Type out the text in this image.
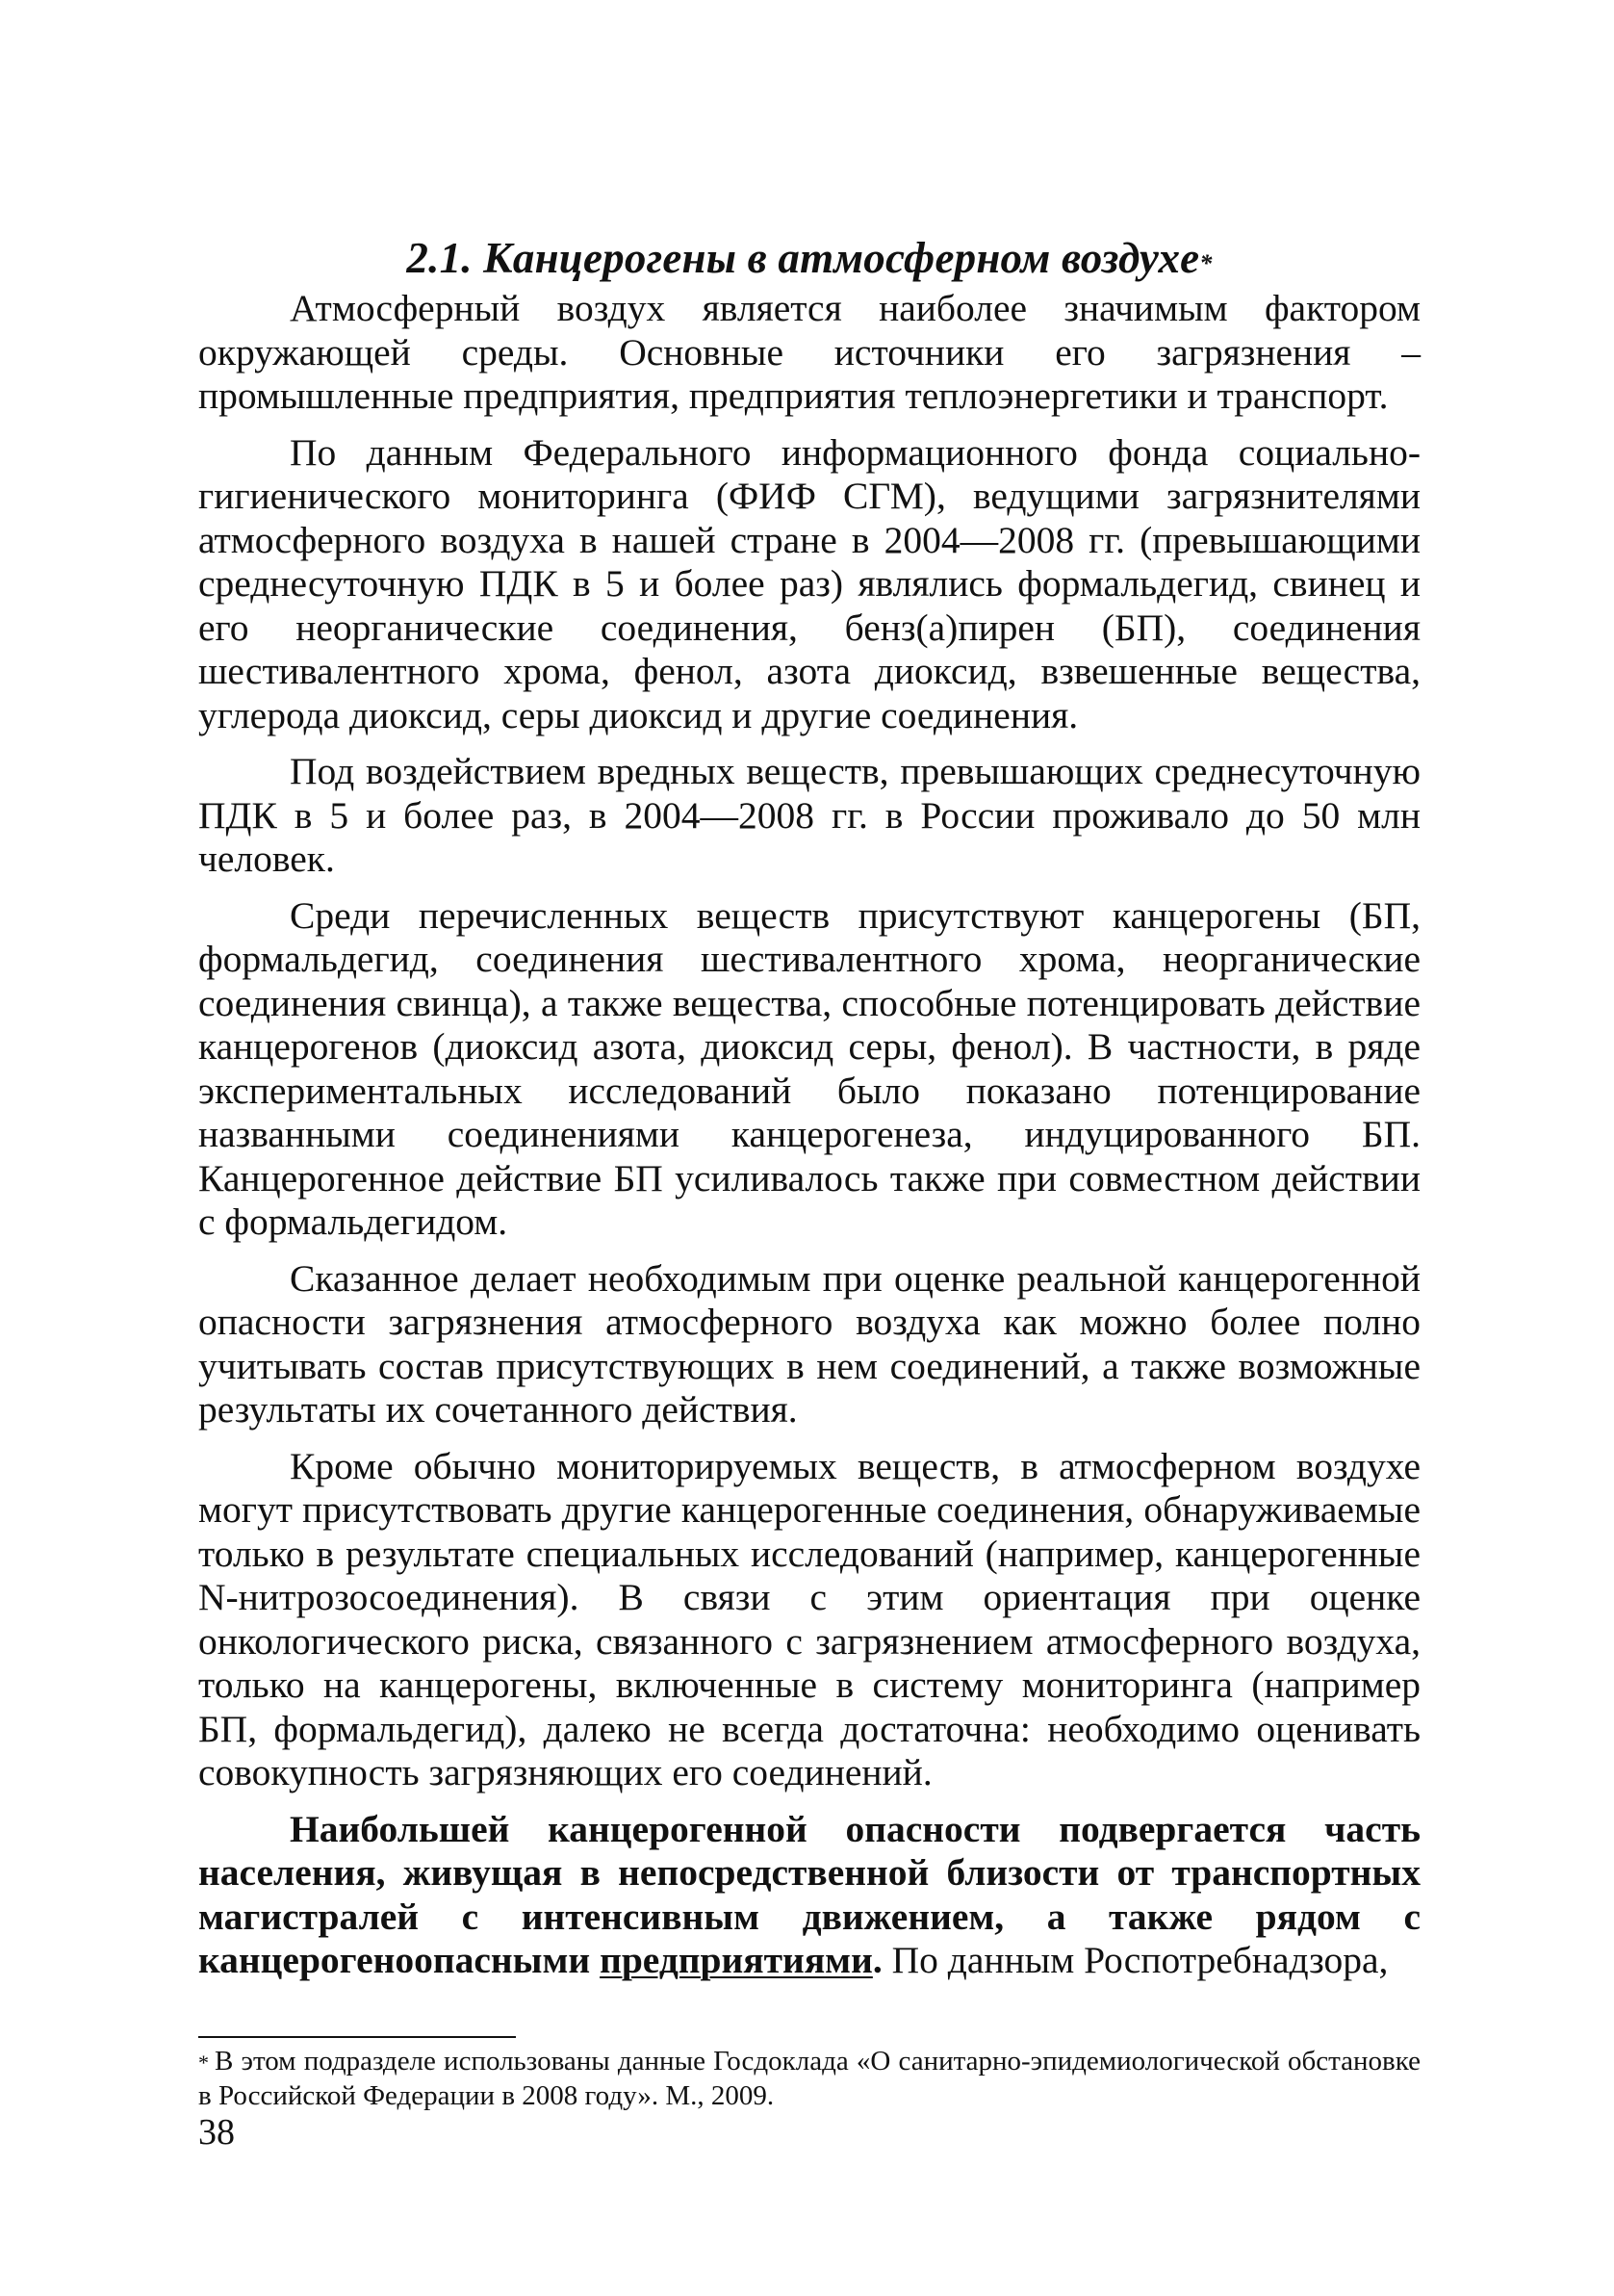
2.1. Канцерогены в атмосферном воздухе*

Атмосферный воздух является наиболее значимым фактором окружающей среды. Основные источники его загрязнения – промышленные предприятия, предприятия теплоэнергетики и транспорт.

По данным Федерального информационного фонда социально-гигиенического мониторинга (ФИФ СГМ), ведущими загрязнителями атмосферного воздуха в нашей стране в 2004—2008 гг. (превышающими среднесуточную ПДК в 5 и более раз) являлись формальдегид, свинец и его неорганические соединения, бенз(а)пирен (БП), соединения шестивалентного хрома, фенол, азота диоксид, взвешенные вещества, углерода диоксид, серы диоксид и другие соединения.

Под воздействием вредных веществ, превышающих среднесуточную ПДК в 5 и более раз, в 2004—2008 гг. в России проживало до 50 млн человек.

Среди перечисленных веществ присутствуют канцерогены (БП, формальдегид, соединения шестивалентного хрома, неорганические соединения свинца), а также вещества, способные потенцировать действие канцерогенов (диоксид азота, диоксид серы, фенол). В частности, в ряде экспериментальных исследований было показано потенцирование названными соединениями канцерогенеза, индуцированного БП. Канцерогенное действие БП усиливалось также при совместном действии с формальдегидом.

Сказанное делает необходимым при оценке реальной канцерогенной опасности загрязнения атмосферного воздуха как можно более полно учитывать состав присутствующих в нем соединений, а также возможные результаты их сочетанного действия.

Кроме обычно мониторируемых веществ, в атмосферном воздухе могут присутствовать другие канцерогенные соединения, обнаруживаемые только в результате специальных исследований (например, канцерогенные N-нитрозосоединения). В связи с этим ориентация при оценке онкологического риска, связанного с загрязнением атмосферного воздуха, только на канцерогены, включенные в систему мониторинга (например БП, формальдегид), далеко не всегда достаточна: необходимо оценивать совокупность загрязняющих его соединений.

Наибольшей канцерогенной опасности подвергается часть населения, живущая в непосредственной близости от транспортных магистралей с интенсивным движением, а также рядом с канцерогеноопасными предприятиями. По данным Роспотребнадзора,

* В этом подразделе использованы данные Госдоклада «О санитарно-эпидемиологической обстановке в Российской Федерации в 2008 году». М., 2009.
38
